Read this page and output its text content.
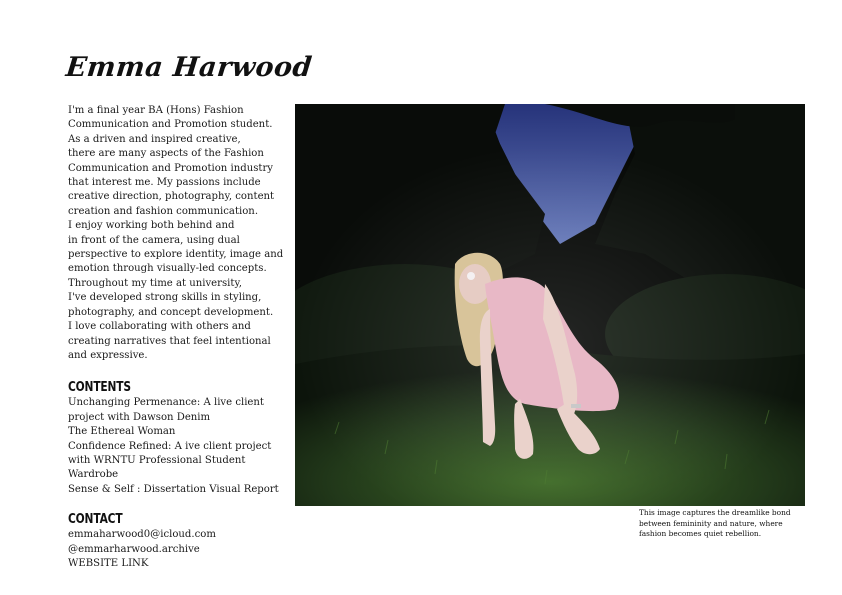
Emma Harwood

I'm a final year BA (Hons) Fashion
Communication and Promotion student.
As a driven and inspired creative,
there are many aspects of the Fashion
Communication and Promotion industry
that interest me. My passions include
creative direction, photography, content
creation and fashion communication.
I enjoy working both behind and
in front of the camera, using dual
perspective to explore identity, image and
emotion through visually-led concepts.
Throughout my time at university,
I've developed strong skills in styling,
photography, and concept development.
I love collaborating with others and
creating narratives that feel intentional
and expressive.

CONTENTS
Unchanging Permenance: A live client
project with Dawson Denim
The Ethereal Woman
Confidence Refined: A ive client project
with WRNTU Professional Student
Wardrobe
Sense & Self : Dissertation Visual Report
CONTACT
emmaharwood0@icloud.com
@emmarharwood.archive
WEBSITE LINK

This image captures the dreamlike bond
between femininity and nature, where
fashion becomes quiet rebellion.
